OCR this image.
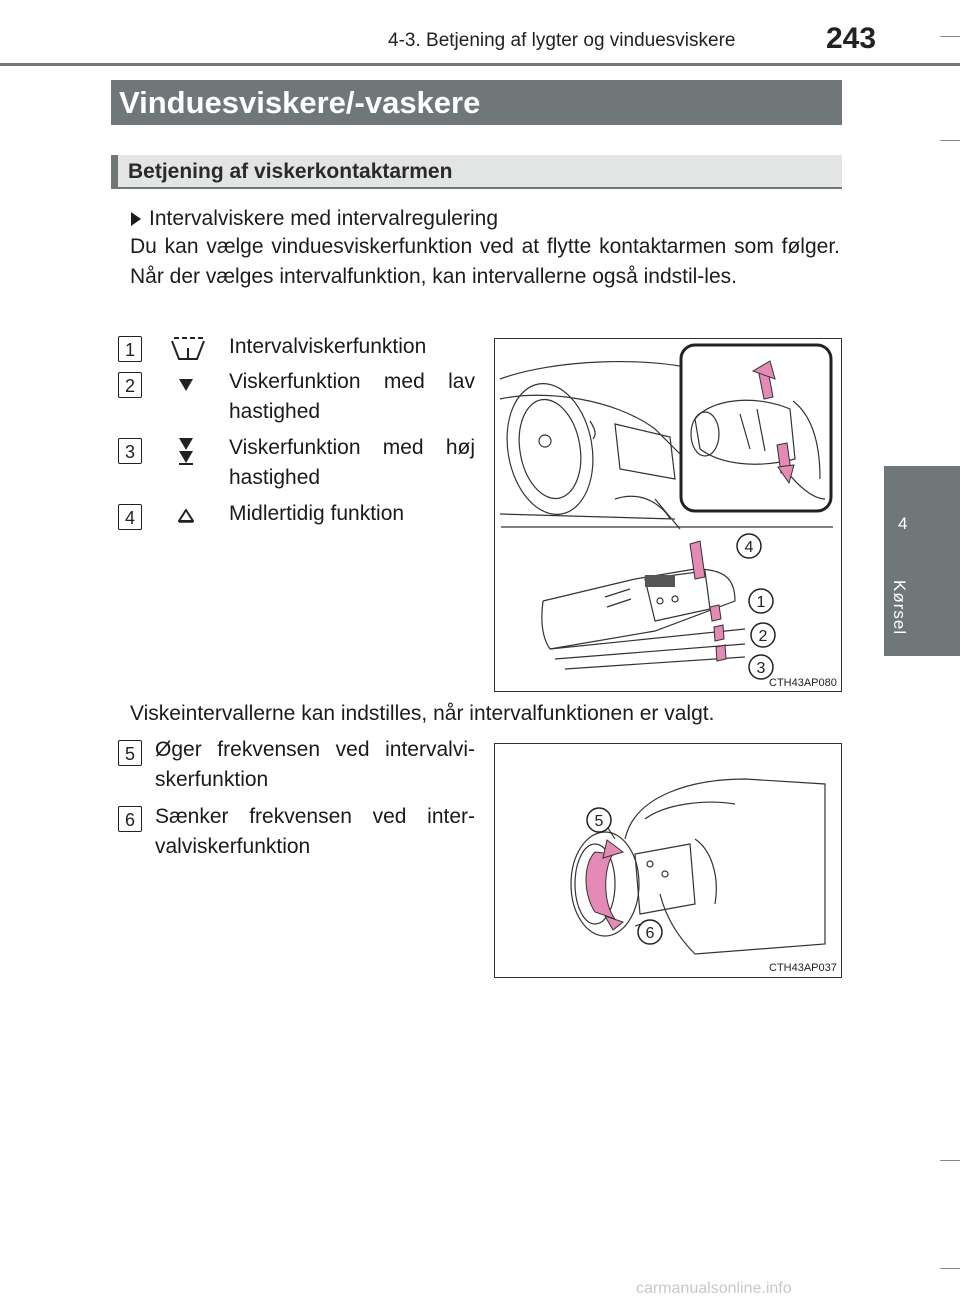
4-3. Betjening af lygter og vinduesviskere	243
4
Kørsel
Vinduesviskere/-vaskere
Betjening af viskerkontaktarmen
Intervalviskere med intervalregulering
Du kan vælge vinduesviskerfunktion ved at flytte kontaktarmen som følger. Når der vælges intervalfunktion, kan intervallerne også indstil-les.
1	Intervalviskerfunktion
2	Viskerfunktion med lav hastighed
3	Viskerfunktion med høj hastighed
4	Midlertidig funktion
4
1
2
3
CTH43AP080
Viskeintervallerne kan indstilles, når intervalfunktionen er valgt.
5 Øger frekvensen ved intervalvi-skerfunktion
6 Sænker frekvensen ved inter-valviskerfunktion
5
6
CTH43AP037
carmanualsonline.info
